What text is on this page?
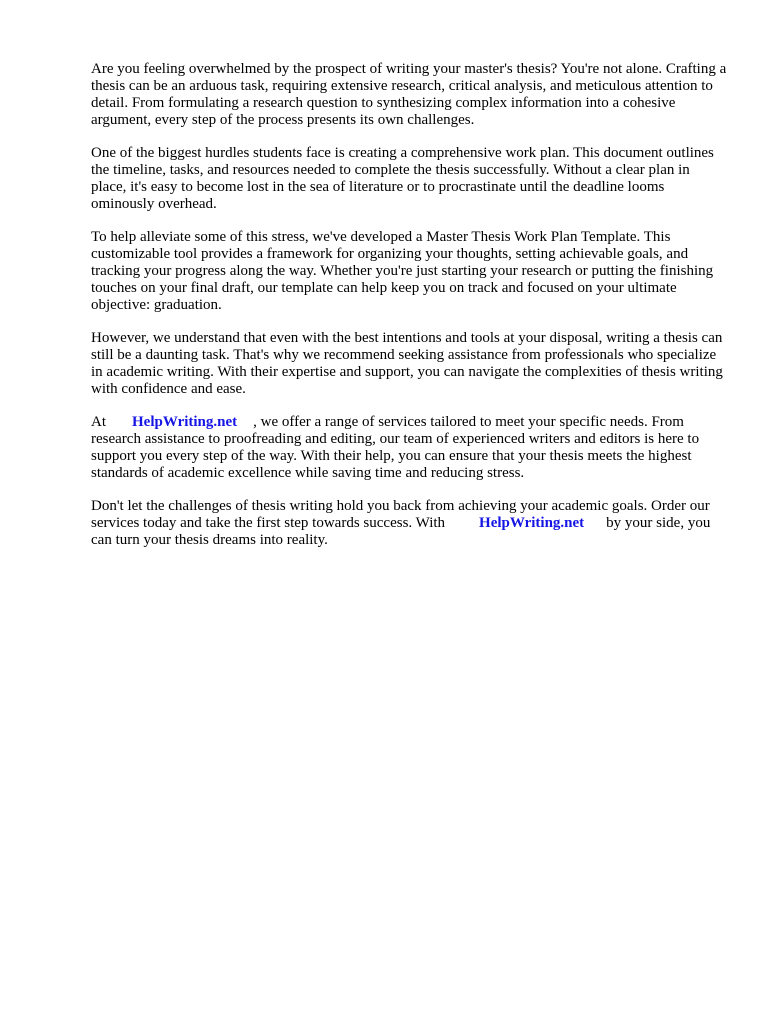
Are you feeling overwhelmed by the prospect of writing your master's thesis? You're not alone. Crafting a thesis can be an arduous task, requiring extensive research, critical analysis, and meticulous attention to detail. From formulating a research question to synthesizing complex information into a cohesive argument, every step of the process presents its own challenges.

One of the biggest hurdles students face is creating a comprehensive work plan. This document outlines the timeline, tasks, and resources needed to complete the thesis successfully. Without a clear plan in place, it's easy to become lost in the sea of literature or to procrastinate until the deadline looms ominously overhead.

To help alleviate some of this stress, we've developed a Master Thesis Work Plan Template. This customizable tool provides a framework for organizing your thoughts, setting achievable goals, and tracking your progress along the way. Whether you're just starting your research or putting the finishing touches on your final draft, our template can help keep you on track and focused on your ultimate objective: graduation.

However, we understand that even with the best intentions and tools at your disposal, writing a thesis can still be a daunting task. That's why we recommend seeking assistance from professionals who specialize in academic writing. With their expertise and support, you can navigate the complexities of thesis writing with confidence and ease.

At HelpWriting.net , we offer a range of services tailored to meet your specific needs. From research assistance to proofreading and editing, our team of experienced writers and editors is here to support you every step of the way. With their help, you can ensure that your thesis meets the highest standards of academic excellence while saving time and reducing stress.

Don't let the challenges of thesis writing hold you back from achieving your academic goals. Order our services today and take the first step towards success. With HelpWriting.net by your side, you can turn your thesis dreams into reality.
